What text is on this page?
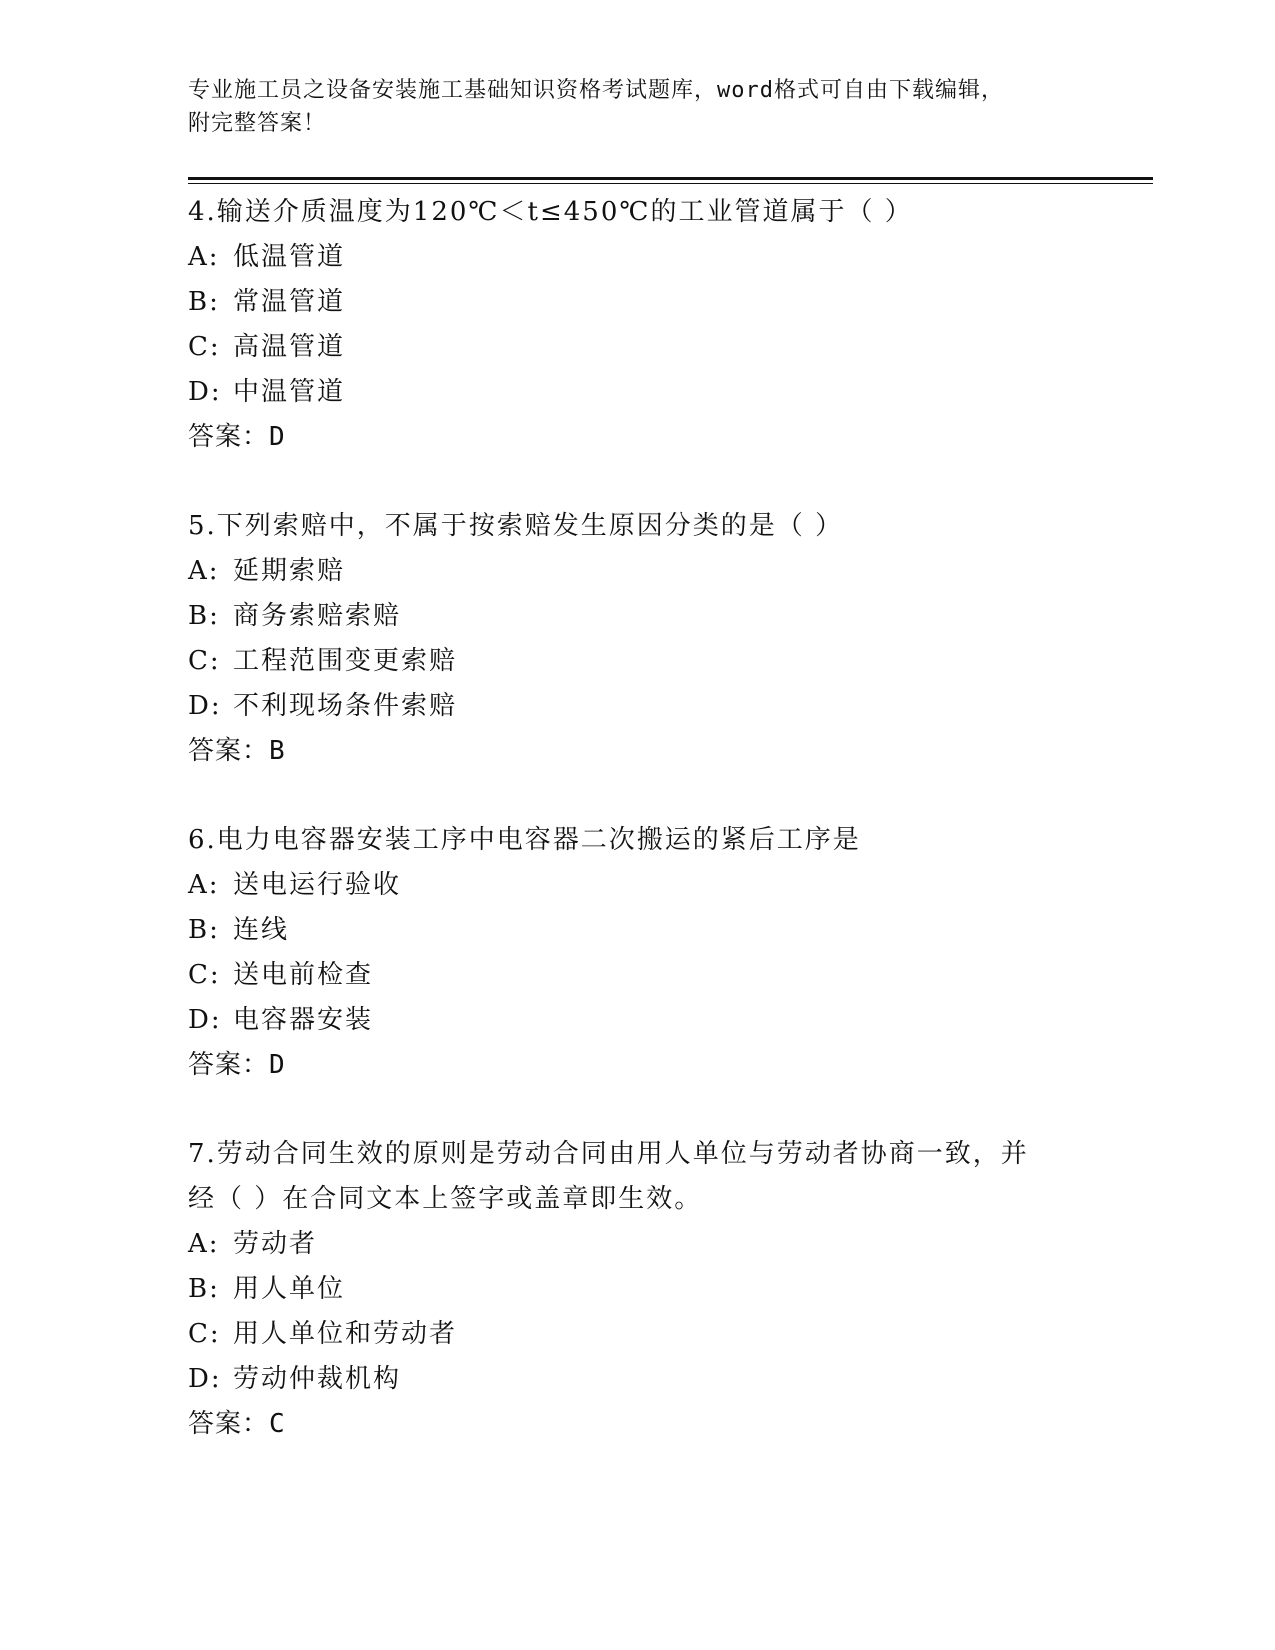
专业施工员之设备安装施工基础知识资格考试题库，word格式可自由下载编辑，
附完整答案！
4.输送介质温度为120℃＜t≤450℃的工业管道属于（ ）
A: 低温管道
B: 常温管道
C: 高温管道
D: 中温管道
答案：D
5.下列索赔中，不属于按索赔发生原因分类的是（ ）
A: 延期索赔
B: 商务索赔索赔
C: 工程范围变更索赔
D: 不利现场条件索赔
答案：B
6.电力电容器安装工序中电容器二次搬运的紧后工序是
A: 送电运行验收
B: 连线
C: 送电前检查
D: 电容器安装
答案：D
7.劳动合同生效的原则是劳动合同由用人单位与劳动者协商一致，并
经（ ）在合同文本上签字或盖章即生效。
A: 劳动者
B: 用人单位
C: 用人单位和劳动者
D: 劳动仲裁机构
答案：C
